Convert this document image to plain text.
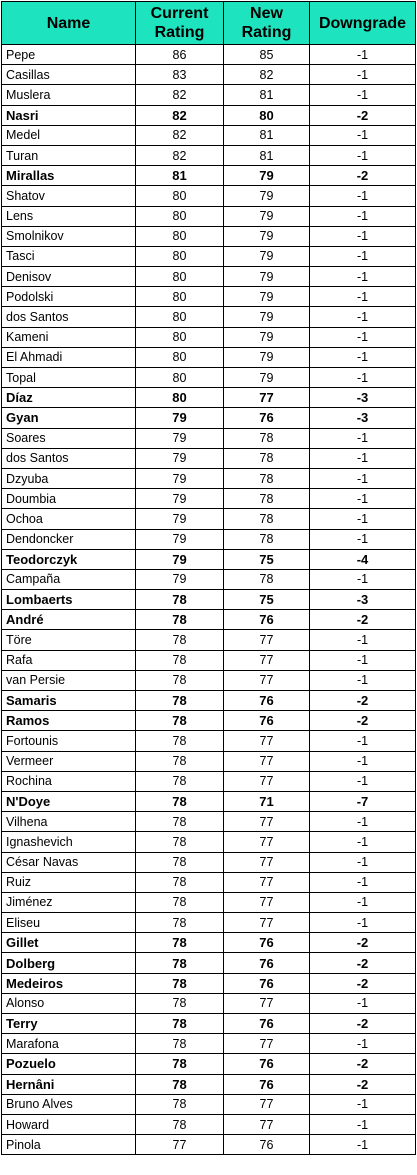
Name	Current Rating	New Rating	Downgrade
Pepe	86	85	-1
Casillas	83	82	-1
Muslera	82	81	-1
Nasri	82	80	-2
Medel	82	81	-1
Turan	82	81	-1
Mirallas	81	79	-2
Shatov	80	79	-1
Lens	80	79	-1
Smolnikov	80	79	-1
Tasci	80	79	-1
Denisov	80	79	-1
Podolski	80	79	-1
dos Santos	80	79	-1
Kameni	80	79	-1
El Ahmadi	80	79	-1
Topal	80	79	-1
Díaz	80	77	-3
Gyan	79	76	-3
Soares	79	78	-1
dos Santos	79	78	-1
Dzyuba	79	78	-1
Doumbia	79	78	-1
Ochoa	79	78	-1
Dendoncker	79	78	-1
Teodorczyk	79	75	-4
Campaña	79	78	-1
Lombaerts	78	75	-3
André	78	76	-2
Töre	78	77	-1
Rafa	78	77	-1
van Persie	78	77	-1
Samaris	78	76	-2
Ramos	78	76	-2
Fortounis	78	77	-1
Vermeer	78	77	-1
Rochina	78	77	-1
N'Doye	78	71	-7
Vilhena	78	77	-1
Ignashevich	78	77	-1
César Navas	78	77	-1
Ruiz	78	77	-1
Jiménez	78	77	-1
Eliseu	78	77	-1
Gillet	78	76	-2
Dolberg	78	76	-2
Medeiros	78	76	-2
Alonso	78	77	-1
Terry	78	76	-2
Marafona	78	77	-1
Pozuelo	78	76	-2
Hernâni	78	76	-2
Bruno Alves	78	77	-1
Howard	78	77	-1
Pinola	77	76	-1
